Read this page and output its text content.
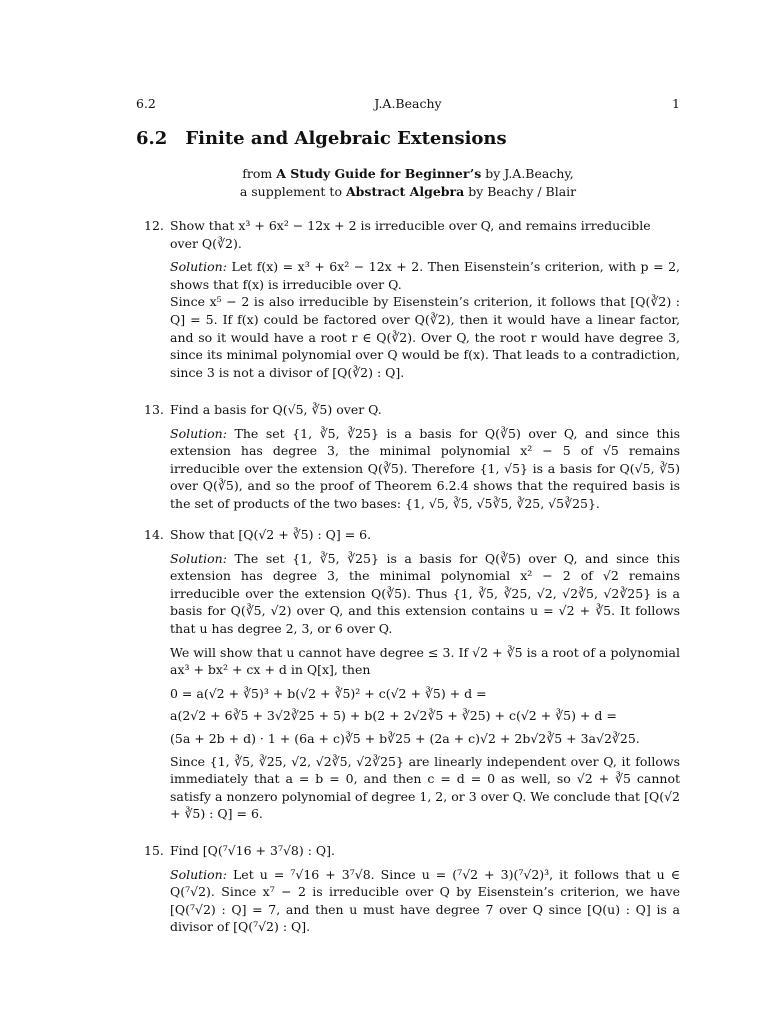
6.2	J.A.Beachy	1
6.2 Finite and Algebraic Extensions
from A Study Guide for Beginner’s by J.A.Beachy,
a supplement to Abstract Algebra by Beachy / Blair
12. Show that x³ + 6x² − 12x + 2 is irreducible over Q, and remains irreducible over Q(∛2).
Solution: Let f(x) = x³ + 6x² − 12x + 2. Then Eisenstein’s criterion, with p = 2, shows that f(x) is irreducible over Q.

Since x⁵ − 2 is also irreducible by Eisenstein’s criterion, it follows that [Q(∛2) : Q] = 5. If f(x) could be factored over Q(∛2), then it would have a linear factor, and so it would have a root r ∈ Q(∛2). Over Q, the root r would have degree 3, since its minimal polynomial over Q would be f(x). That leads to a contradiction, since 3 is not a divisor of [Q(∛2) : Q].

13. Find a basis for Q(√5, ∛5) over Q.
Solution: The set {1, ∛5, ∛25} is a basis for Q(∛5) over Q, and since this extension has degree 3, the minimal polynomial x² − 5 of √5 remains irreducible over the extension Q(∛5). Therefore {1, √5} is a basis for Q(√5, ∛5) over Q(∛5), and so the proof of Theorem 6.2.4 shows that the required basis is the set of products of the two bases: {1, √5, ∛5, √5∛5, ∛25, √5∛25}.
14. Show that [Q(√2 + ∛5) : Q] = 6.
Solution: The set {1, ∛5, ∛25} is a basis for Q(∛5) over Q, and since this extension has degree 3, the minimal polynomial x² − 2 of √2 remains irreducible over the extension Q(∛5). Thus {1, ∛5, ∛25, √2, √2∛5, √2∛25} is a basis for Q(∛5, √2) over Q, and this extension contains u = √2 + ∛5. It follows that u has degree 2, 3, or 6 over Q.

We will show that u cannot have degree ≤ 3. If √2 + ∛5 is a root of a polynomial ax³ + bx² + cx + d in Q[x], then

0 = a(√2 + ∛5)³ + b(√2 + ∛5)² + c(√2 + ∛5) + d =
a(2√2 + 6∛5 + 3√2∛25 + 5) + b(2 + 2√2∛5 + ∛25) + c(√2 + ∛5) + d =
(5a + 2b + d) · 1 + (6a + c)∛5 + b∛25 + (2a + c)√2 + 2b√2∛5 + 3a√2∛25.

Since {1, ∛5, ∛25, √2, √2∛5, √2∛25} are linearly independent over Q, it follows immediately that a = b = 0, and then c = d = 0 as well, so √2 + ∛5 cannot satisfy a nonzero polynomial of degree 1, 2, or 3 over Q. We conclude that [Q(√2 + ∛5) : Q] = 6.

15. Find [Q(⁷√16 + 3⁷√8) : Q].
Solution: Let u = ⁷√16 + 3⁷√8. Since u = (⁷√2 + 3)(⁷√2)³, it follows that u ∈ Q(⁷√2). Since x⁷ − 2 is irreducible over Q by Eisenstein’s criterion, we have [Q(⁷√2) : Q] = 7, and then u must have degree 7 over Q since [Q(u) : Q] is a divisor of [Q(⁷√2) : Q].
